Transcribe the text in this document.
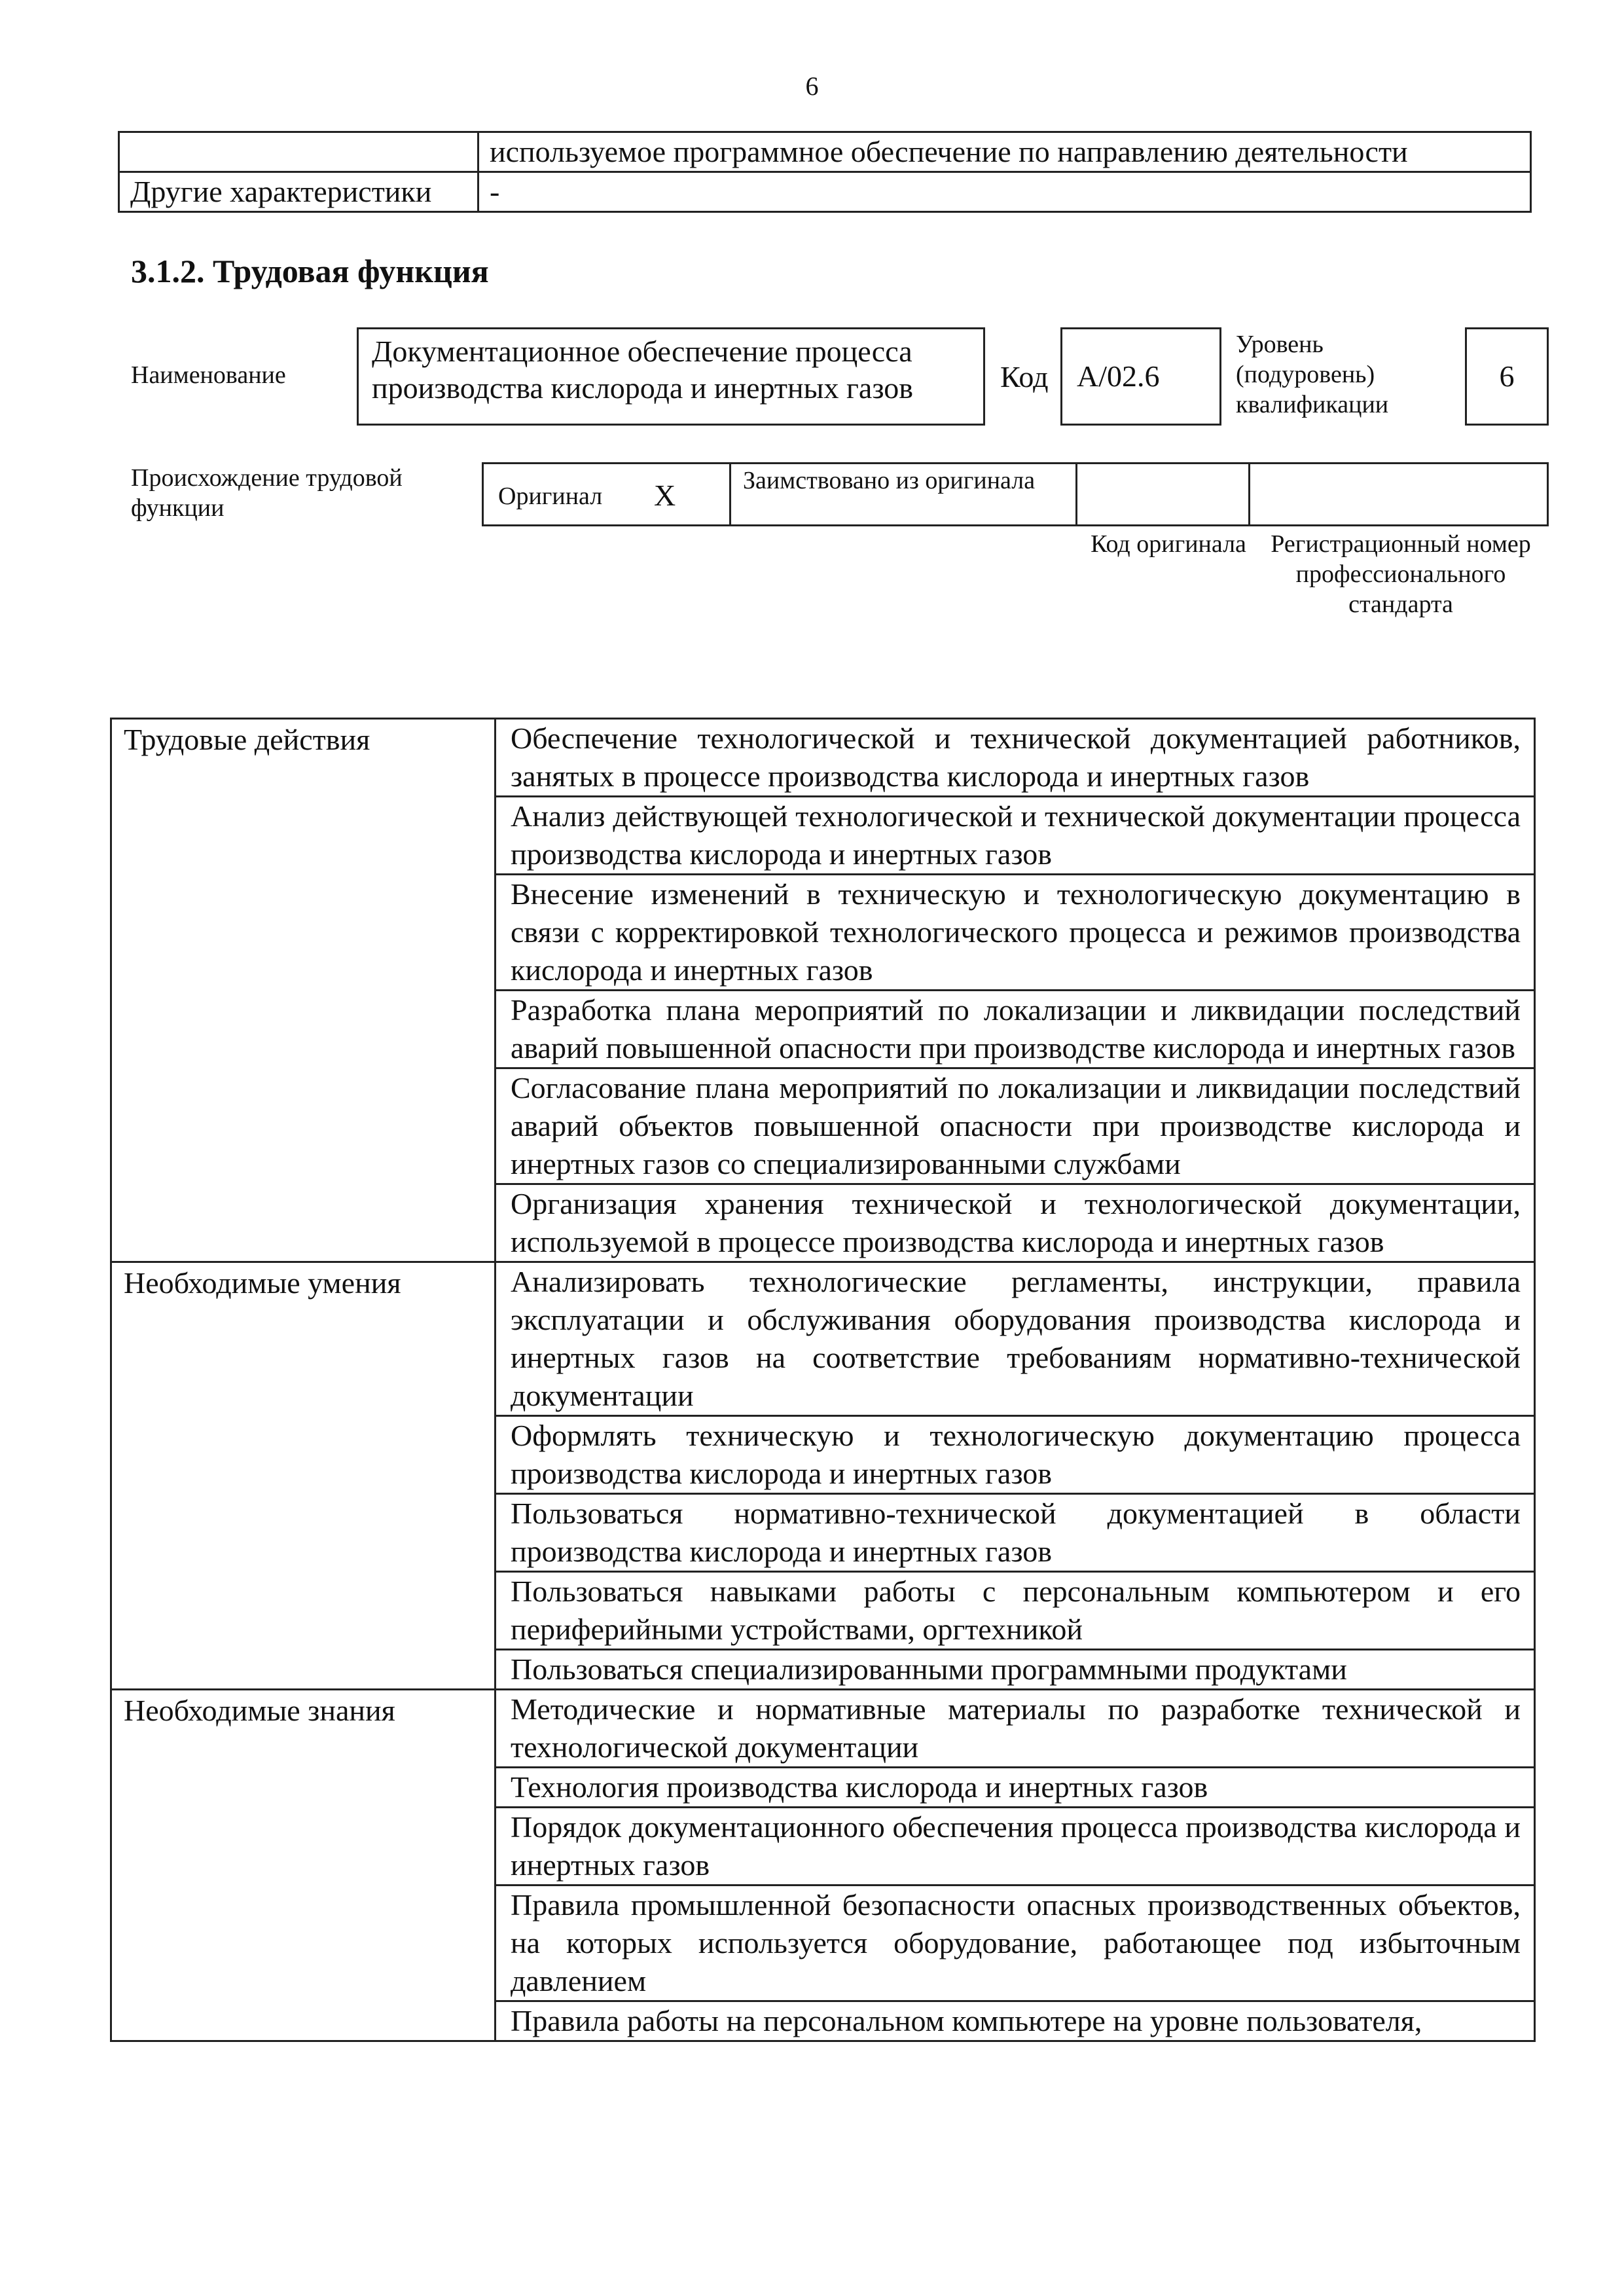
6
	используемое программное обеспечение по направлению деятельности
Другие характеристики	-
3.1.2. Трудовая функция
Наименование
Документационное обеспечение процесса производства кислорода и инертных газов	Код A/02.6
Уровень (подуровень) квалификации
6
Происхождение трудовой функции	Оригинал X	Заимствовано из оригинала
Код оригинала Регистрационный номер профессионального стандарта
Трудовые действия	Обеспечение технологической и технической документацией работников, занятых в процессе производства кислорода и инертных газов
	Анализ действующей технологической и технической документации процесса производства кислорода и инертных газов
	Внесение изменений в техническую и технологическую документацию в связи с корректировкой технологического процесса и режимов производства кислорода и инертных газов
	Разработка плана мероприятий по локализации и ликвидации последствий аварий повышенной опасности при производстве кислорода и инертных газов
	Согласование плана мероприятий по локализации и ликвидации последствий аварий объектов повышенной опасности при производстве кислорода и инертных газов со специализированными службами
	Организация хранения технической и технологической документации, используемой в процессе производства кислорода и инертных газов
Необходимые умения	Анализировать технологические регламенты, инструкции, правила эксплуатации и обслуживания оборудования производства кислорода и инертных газов на соответствие требованиям нормативно-технической документации
	Оформлять техническую и технологическую документацию процесса производства кислорода и инертных газов
	Пользоваться нормативно-технической документацией в области производства кислорода и инертных газов
	Пользоваться навыками работы с персональным компьютером и его периферийными устройствами, оргтехникой
	Пользоваться специализированными программными продуктами
Необходимые знания	Методические и нормативные материалы по разработке технической и технологической документации
	Технология производства кислорода и инертных газов
	Порядок документационного обеспечения процесса производства кислорода и инертных газов
	Правила промышленной безопасности опасных производственных объектов, на которых используется оборудование, работающее под избыточным давлением
	Правила работы на персональном компьютере на уровне пользователя,
